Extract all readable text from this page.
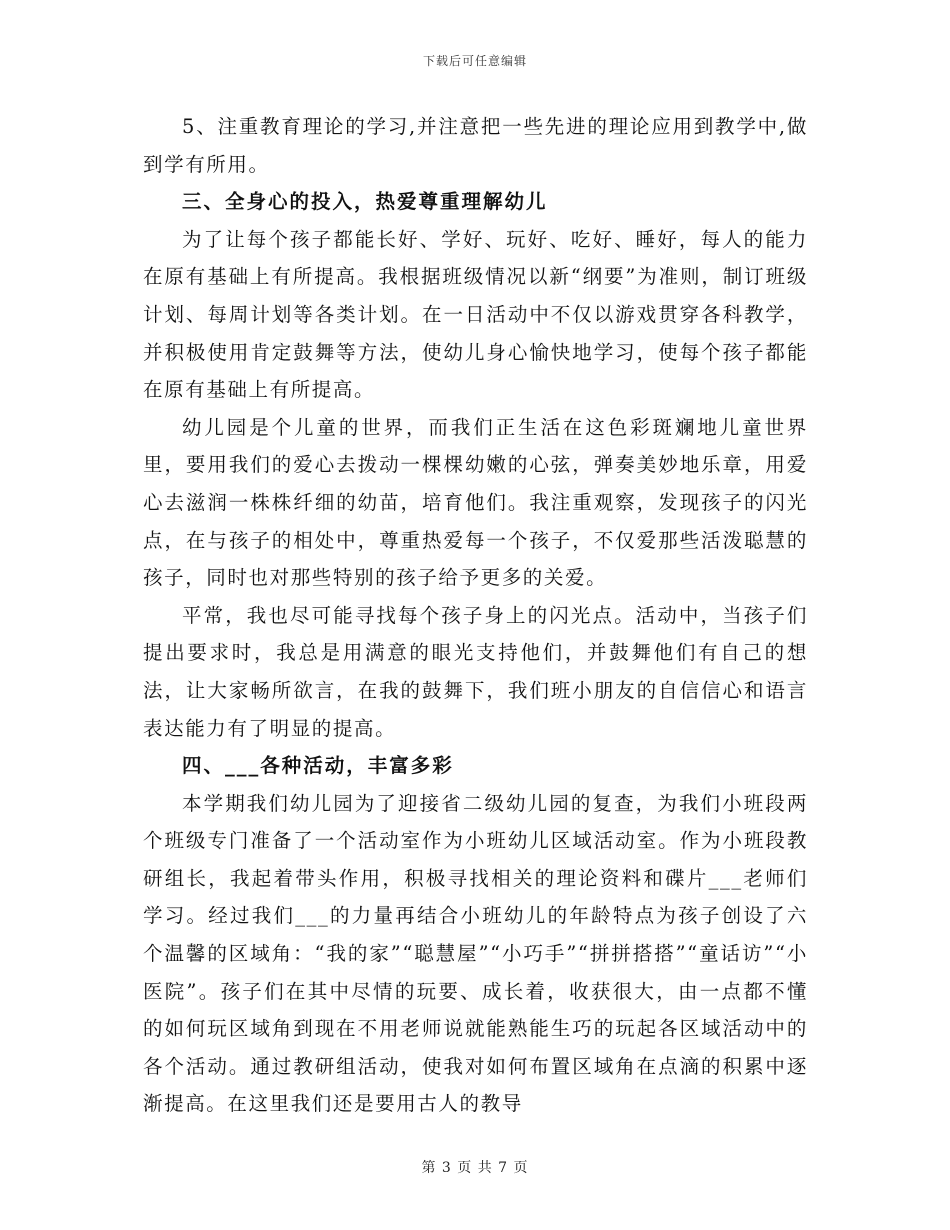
下载后可任意编辑

5、注重教育理论的学习,并注意把一些先进的理论应用到教学中,做到学有所用。

三、全身心的投入，热爱尊重理解幼儿

为了让每个孩子都能长好、学好、玩好、吃好、睡好，每人的能力在原有基础上有所提高。我根据班级情况以新“纲要”为准则，制订班级计划、每周计划等各类计划。在一日活动中不仅以游戏贯穿各科教学，并积极使用肯定鼓舞等方法，使幼儿身心愉快地学习，使每个孩子都能在原有基础上有所提高。

幼儿园是个儿童的世界，而我们正生活在这色彩斑斓地儿童世界里，要用我们的爱心去拨动一棵棵幼嫩的心弦，弹奏美妙地乐章，用爱心去滋润一株株纤细的幼苗，培育他们。我注重观察，发现孩子的闪光点，在与孩子的相处中，尊重热爱每一个孩子，不仅爱那些活泼聪慧的孩子，同时也对那些特别的孩子给予更多的关爱。

平常，我也尽可能寻找每个孩子身上的闪光点。活动中，当孩子们提出要求时，我总是用满意的眼光支持他们，并鼓舞他们有自己的想法，让大家畅所欲言，在我的鼓舞下，我们班小朋友的自信信心和语言表达能力有了明显的提高。

四、___各种活动，丰富多彩

本学期我们幼儿园为了迎接省二级幼儿园的复查，为我们小班段两个班级专门准备了一个活动室作为小班幼儿区域活动室。作为小班段教研组长，我起着带头作用，积极寻找相关的理论资料和碟片___老师们学习。经过我们___的力量再结合小班幼儿的年龄特点为孩子创设了六个温馨的区域角：“我的家”“聪慧屋”“小巧手”“拼拼搭搭”“童话访”“小医院”。孩子们在其中尽情的玩要、成长着，收获很大，由一点都不懂的如何玩区域角到现在不用老师说就能熟能生巧的玩起各区域活动中的各个活动。通过教研组活动，使我对如何布置区域角在点滴的积累中逐渐提高。在这里我们还是要用古人的教导

第 3 页 共 7 页
